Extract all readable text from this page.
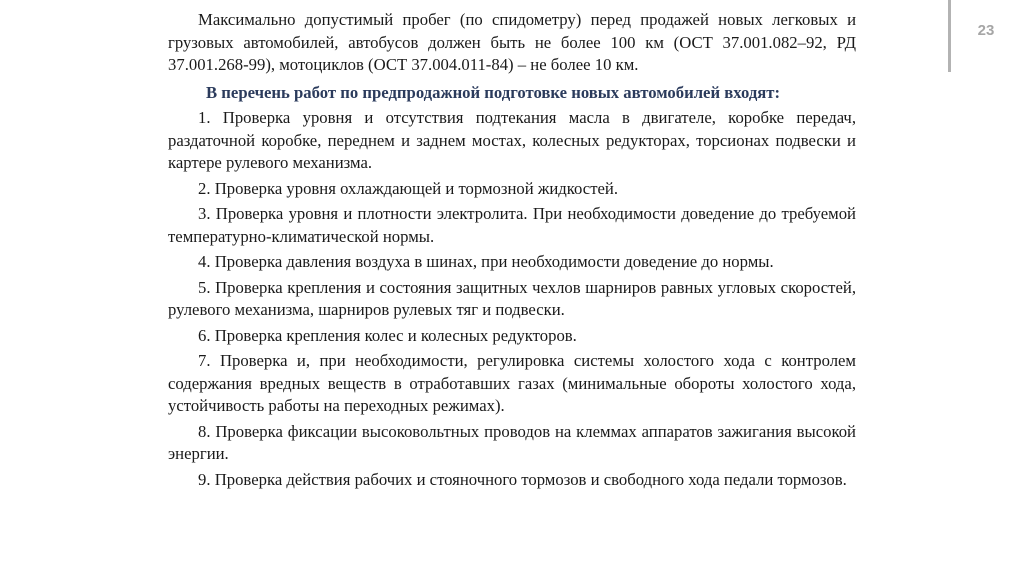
23

Максимально допустимый пробег (по спидометру) перед продажей новых легковых и грузовых автомобилей, автобусов должен быть не более 100 км (ОСТ 37.001.082–92, РД 37.001.268-99), мотоциклов (ОСТ 37.004.011-84) – не более 10 км.

В перечень работ по предпродажной подготовке новых автомобилей входят:

1. Проверка уровня и отсутствия подтекания масла в двигателе, коробке передач, раздаточной коробке, переднем и заднем мостах, колесных редукторах, торсионах подвески и картере рулевого механизма.

2. Проверка уровня охлаждающей и тормозной жидкостей.

3. Проверка уровня и плотности электролита. При необходимости доведение до требуемой температурно-климатической нормы.

4. Проверка давления воздуха в шинах, при необходимости доведение до нормы.

5. Проверка крепления и состояния защитных чехлов шарниров равных угловых скоростей, рулевого механизма, шарниров рулевых тяг и подвески.

6. Проверка крепления колес и колесных редукторов.

7. Проверка и, при необходимости, регулировка системы холостого хода с контролем содержания вредных веществ в отработавших газах (минимальные обороты холостого хода, устойчивость работы на переходных режимах).

8. Проверка фиксации высоковольтных проводов на клеммах аппаратов зажигания высокой энергии.

9. Проверка действия рабочих и стояночного тормозов и свободного хода педали тормозов.
